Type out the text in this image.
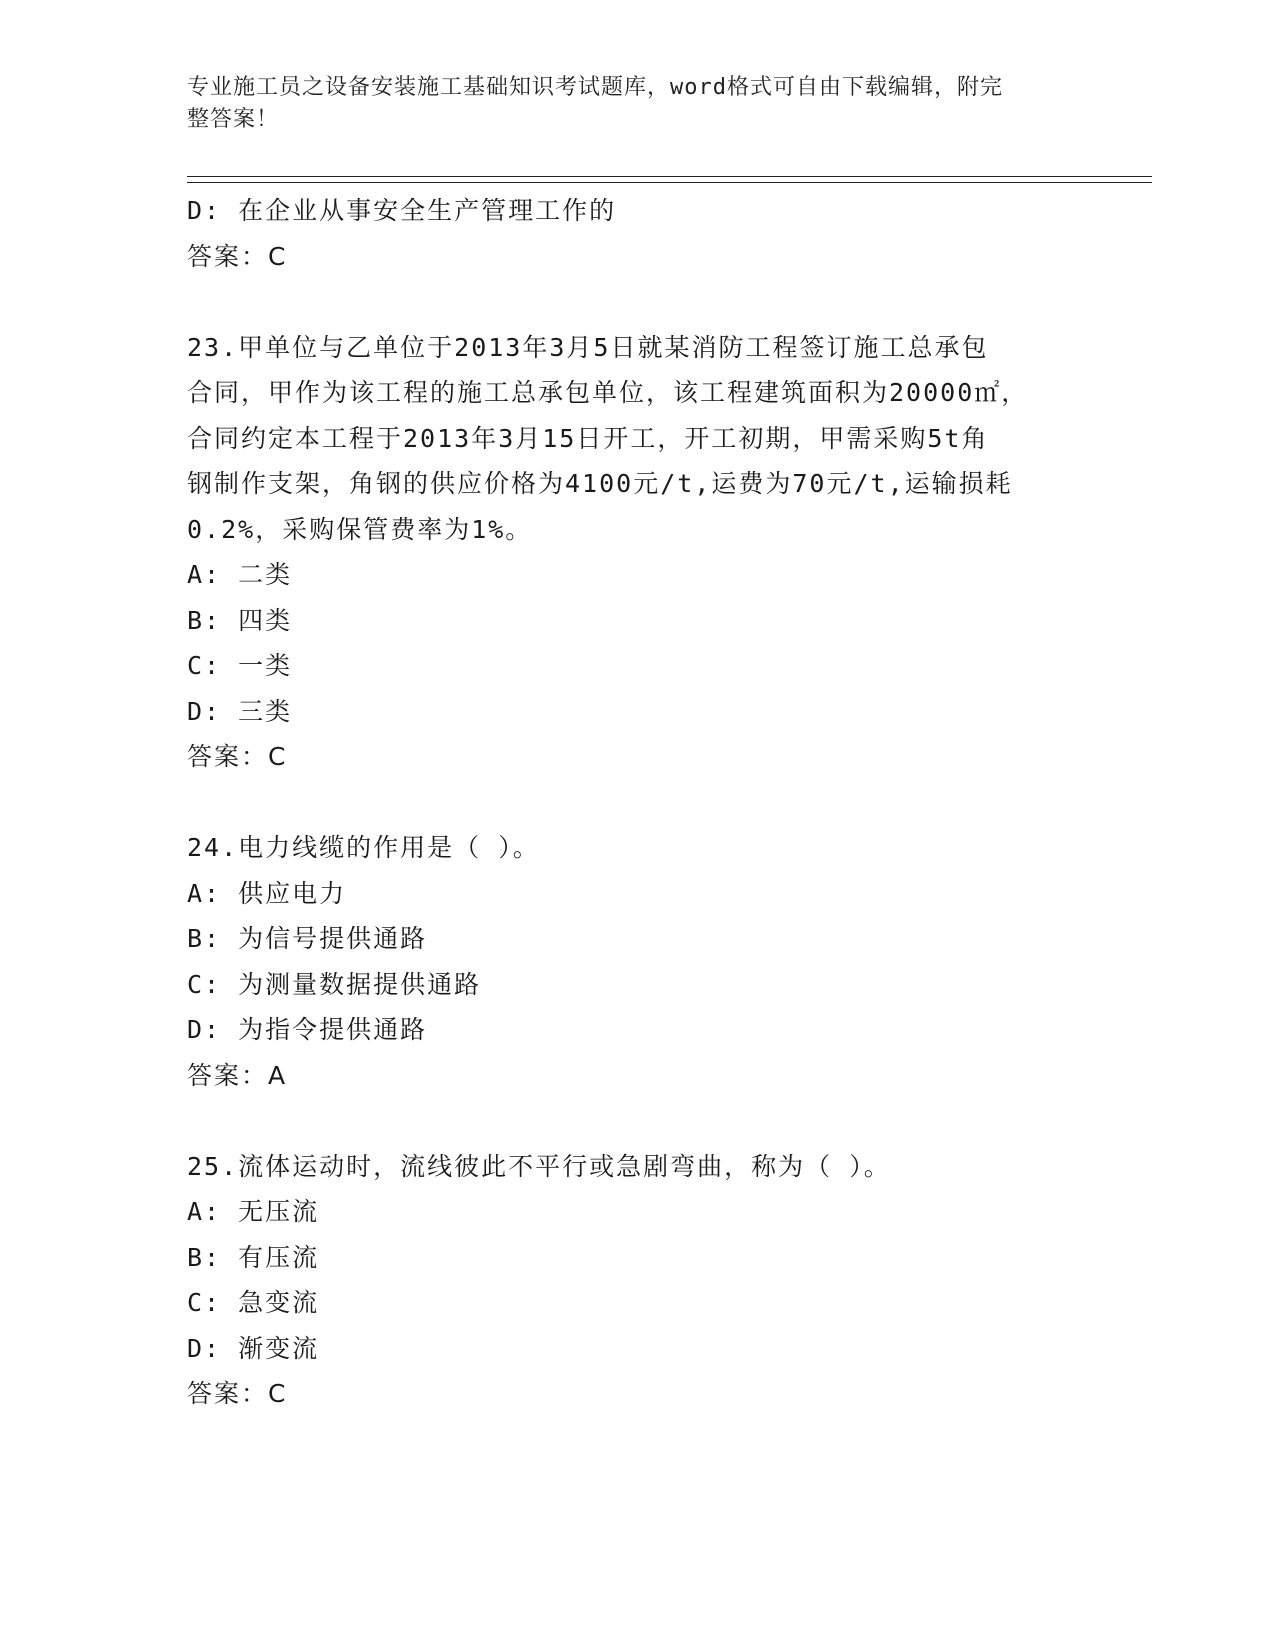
专业施工员之设备安装施工基础知识考试题库，word格式可自由下载编辑，附完
整答案！
D: 在企业从事安全生产管理工作的
答案：C
23.甲单位与乙单位于2013年3月5日就某消防工程签订施工总承包
合同，甲作为该工程的施工总承包单位，该工程建筑面积为20000㎡，
合同约定本工程于2013年3月15日开工，开工初期，甲需采购5t角
钢制作支架，角钢的供应价格为4100元/t,运费为70元/t,运输损耗
0.2%，采购保管费率为1%。
A: 二类
B: 四类
C: 一类
D: 三类
答案：C
24.电力线缆的作用是（ ）。
A: 供应电力
B: 为信号提供通路
C: 为测量数据提供通路
D: 为指令提供通路
答案：A
25.流体运动时，流线彼此不平行或急剧弯曲，称为（ ）。
A: 无压流
B: 有压流
C: 急变流
D: 渐变流
答案：C
